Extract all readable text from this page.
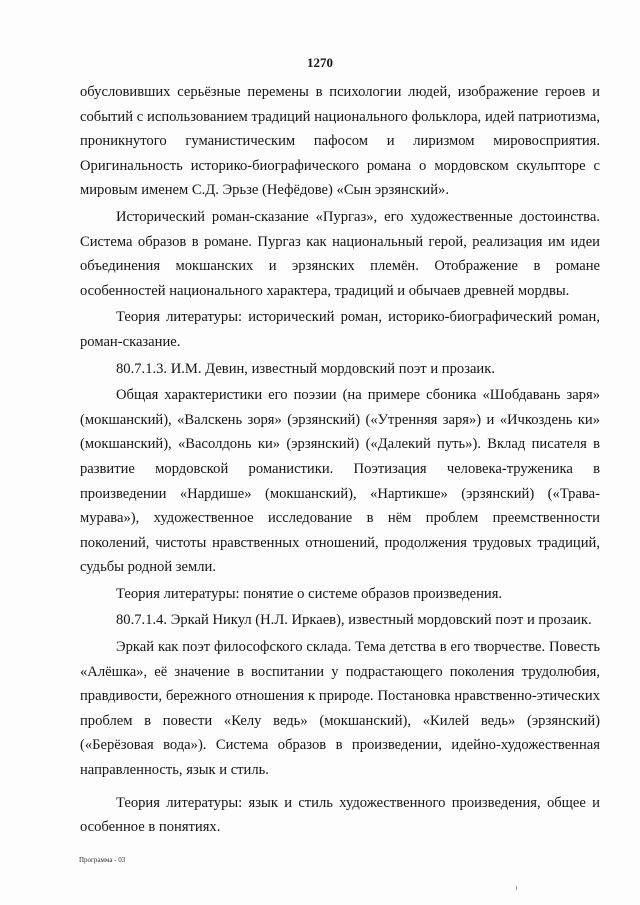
1270

обусловивших серьёзные перемены в психологии людей, изображение героев и событий с использованием традиций национального фольклора, идей патриотизма, проникнутого гуманистическим пафосом и лиризмом мировосприятия. Оригинальность историко-биографического романа о мордовском скульпторе с мировым именем С.Д. Эрьзе (Нефёдове) «Сын эрзянский».

Исторический роман-сказание «Пургаз», его художественные достоинства. Система образов в романе. Пургаз как национальный герой, реализация им идеи объединения мокшанских и эрзянских племён. Отображение в романе особенностей национального характера, традиций и обычаев древней мордвы.

Теория литературы: исторический роман, историко-биографический роман, роман-сказание.

80.7.1.3. И.М. Девин, известный мордовский поэт и прозаик.

Общая характеристики его поэзии (на примере сбоника «Шобдавань заря» (мокшанский), «Валскень зоря» (эрзянский) («Утренняя заря») и «Ичкоздень ки» (мокшанский), «Васолдонь ки» (эрзянский) («Далекий путь»). Вклад писателя в развитие мордовской романистики. Поэтизация человека-труженика в произведении «Нардише» (мокшанский), «Нартикше» (эрзянский) («Трава-мурава»), художественное исследование в нём проблем преемственности поколений, чистоты нравственных отношений, продолжения трудовых традиций, судьбы родной земли.

Теория литературы: понятие о системе образов произведения.

80.7.1.4. Эркай Никул (Н.Л. Иркаев), известный мордовский поэт и прозаик.

Эркай как поэт философского склада. Тема детства в его творчестве. Повесть «Алёшка», её значение в воспитании у подрастающего поколения трудолюбия, правдивости, бережного отношения к природе. Постановка нравственно-этических проблем в повести «Келу ведь» (мокшанский), «Килей ведь» (эрзянский) («Берёзовая вода»). Система образов в произведении, идейно-художественная направленность, язык и стиль.

Теория литературы: язык и стиль художественного произведения, общее и особенное в понятиях.

Программа - 03
